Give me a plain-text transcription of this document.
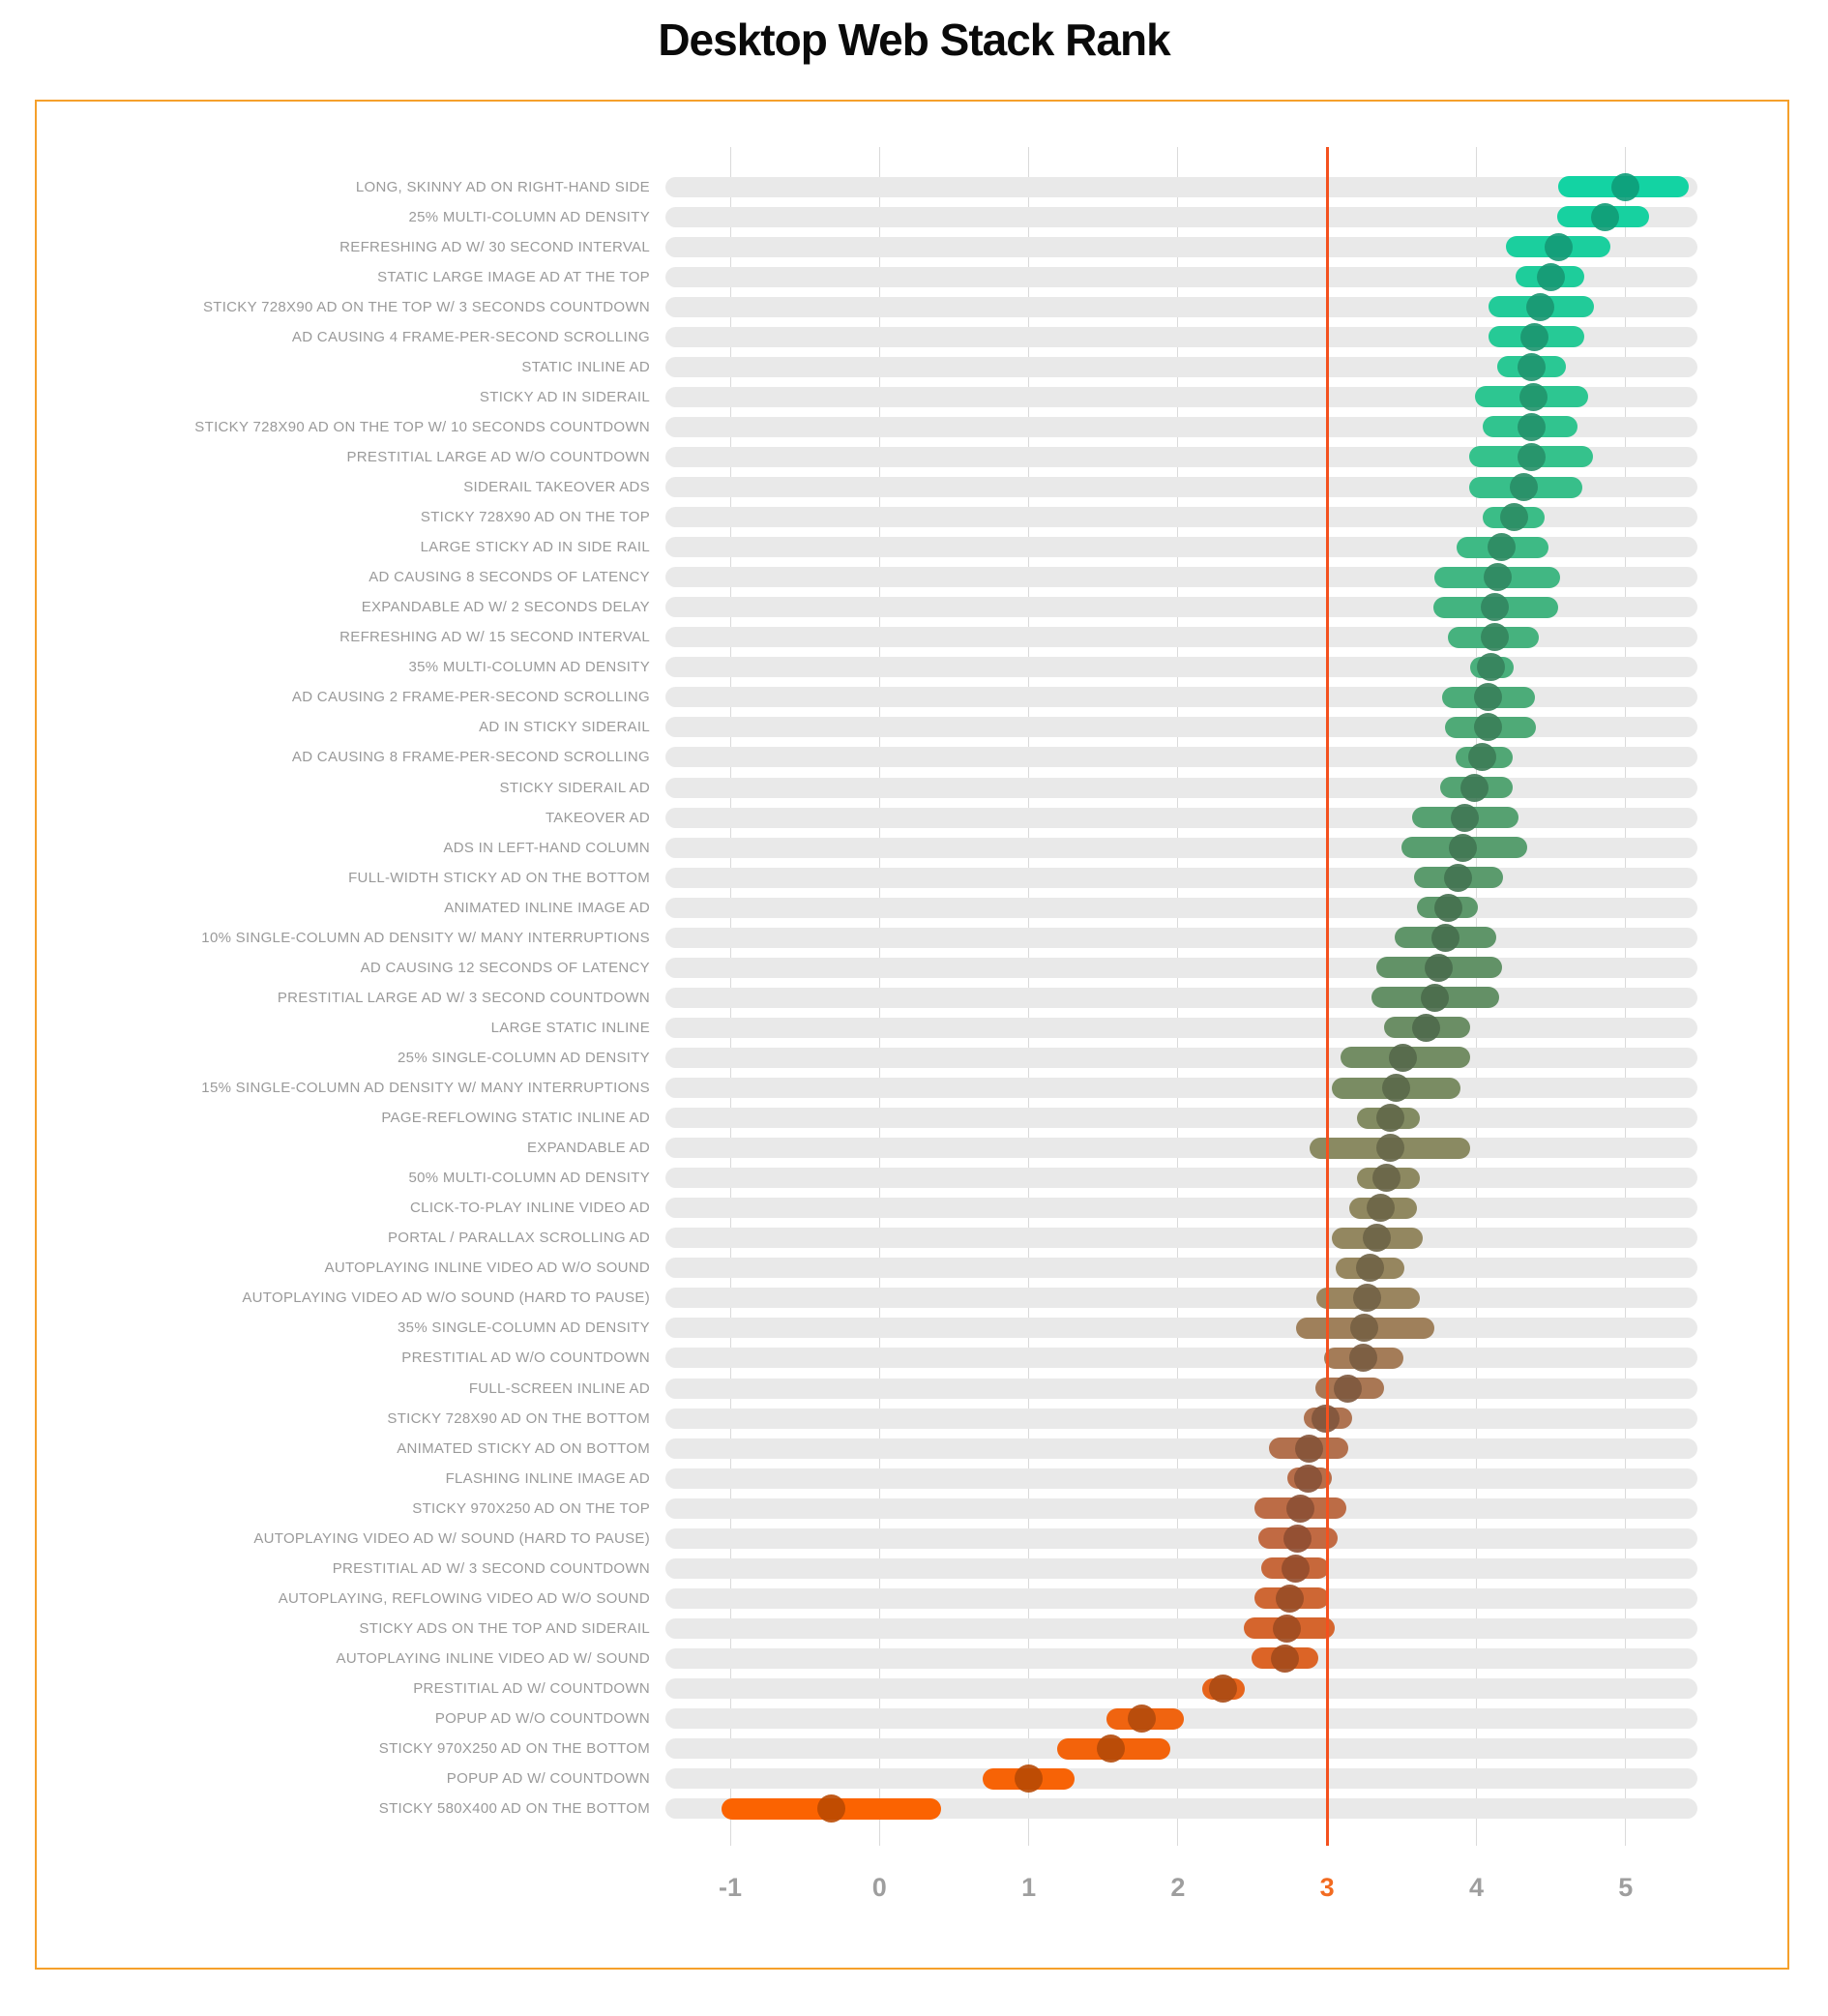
Desktop Web Stack Rank
-1	0	1	2	3	4	5
LONG, SKINNY AD ON RIGHT-HAND SIDE
25% MULTI-COLUMN AD DENSITY
REFRESHING AD W/ 30 SECOND INTERVAL
STATIC LARGE IMAGE AD AT THE TOP
STICKY 728X90 AD ON THE TOP W/ 3 SECONDS COUNTDOWN
AD CAUSING 4 FRAME-PER-SECOND SCROLLING
STATIC INLINE AD
STICKY AD IN SIDERAIL
STICKY 728X90 AD ON THE TOP W/ 10 SECONDS COUNTDOWN
PRESTITIAL LARGE AD W/O COUNTDOWN
SIDERAIL TAKEOVER ADS
STICKY 728X90 AD ON THE TOP
LARGE STICKY AD IN SIDE RAIL
AD CAUSING 8 SECONDS OF LATENCY
EXPANDABLE AD W/ 2 SECONDS DELAY
REFRESHING AD W/ 15 SECOND INTERVAL
35% MULTI-COLUMN AD DENSITY
AD CAUSING 2 FRAME-PER-SECOND SCROLLING
AD IN STICKY SIDERAIL
AD CAUSING 8 FRAME-PER-SECOND SCROLLING
STICKY SIDERAIL AD
TAKEOVER AD
ADS IN LEFT-HAND COLUMN
FULL-WIDTH STICKY AD ON THE BOTTOM
ANIMATED INLINE IMAGE AD
10% SINGLE-COLUMN AD DENSITY W/ MANY INTERRUPTIONS
AD CAUSING 12 SECONDS OF LATENCY
PRESTITIAL LARGE AD W/ 3 SECOND COUNTDOWN
LARGE STATIC INLINE
25% SINGLE-COLUMN AD DENSITY
15% SINGLE-COLUMN AD DENSITY W/ MANY INTERRUPTIONS
PAGE-REFLOWING STATIC INLINE AD
EXPANDABLE AD
50% MULTI-COLUMN AD DENSITY
CLICK-TO-PLAY INLINE VIDEO AD
PORTAL / PARALLAX SCROLLING AD
AUTOPLAYING INLINE VIDEO AD W/O SOUND
AUTOPLAYING VIDEO AD W/O SOUND (HARD TO PAUSE)
35% SINGLE-COLUMN AD DENSITY
PRESTITIAL AD W/O COUNTDOWN
FULL-SCREEN INLINE AD
STICKY 728X90 AD ON THE BOTTOM
ANIMATED STICKY AD ON BOTTOM
FLASHING INLINE IMAGE AD
STICKY 970X250 AD ON THE TOP
AUTOPLAYING VIDEO AD W/ SOUND (HARD TO PAUSE)
PRESTITIAL AD W/ 3 SECOND COUNTDOWN
AUTOPLAYING, REFLOWING VIDEO AD W/O SOUND
STICKY ADS ON THE TOP AND SIDERAIL
AUTOPLAYING INLINE VIDEO AD W/ SOUND
PRESTITIAL AD W/ COUNTDOWN
POPUP AD W/O COUNTDOWN
STICKY 970X250 AD ON THE BOTTOM
POPUP AD W/ COUNTDOWN
STICKY 580X400 AD ON THE BOTTOM
